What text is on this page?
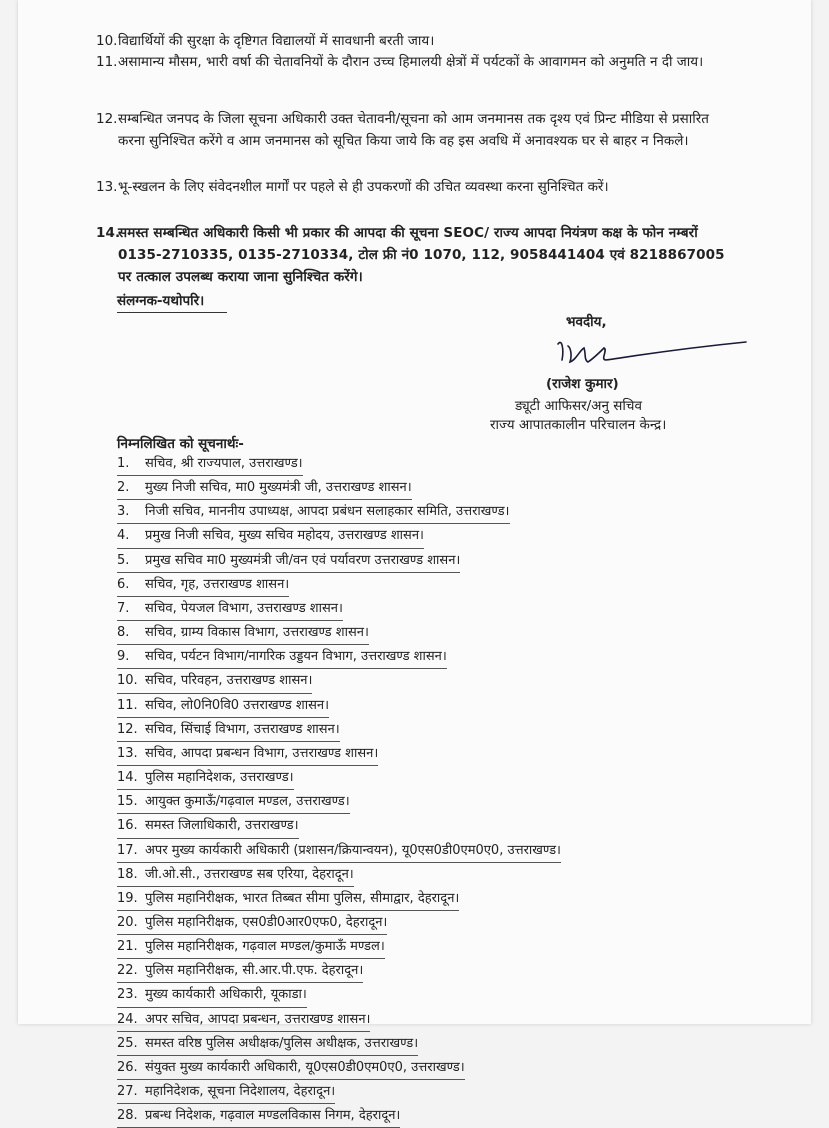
10.विद्यार्थियों की सुरक्षा के दृष्टिगत विद्यालयों में सावधानी बरती जाय।

11.असामान्य मौसम, भारी वर्षा की चेतावनियों के दौरान उच्च हिमालयी क्षेत्रों में पर्यटकों के आवागमन को अनुमति न दी जाय।

12.सम्बन्धित जनपद के जिला सूचना अधिकारी उक्त चेतावनी/सूचना को आम जनमानस तक दृश्य एवं प्रिन्ट मीडिया से प्रसारित करना सुनिश्चित करेंगे व आम जनमानस को सूचित किया जाये कि वह इस अवधि में अनावश्यक घर से बाहर न निकले।

13.भू-स्खलन के लिए संवेदनशील मार्गों पर पहले से ही उपकरणों की उचित व्यवस्था करना सुनिश्चित करें।

14.समस्त सम्बन्धित अधिकारी किसी भी प्रकार की आपदा की सूचना SEOC/ राज्य आपदा नियंत्रण कक्ष के फोन नम्बरों 0135-2710335, 0135-2710334, टोल फ्री नं0 1070, 112, 9058441404 एवं 8218867005 पर तत्काल उपलब्ध कराया जाना सुनिश्चित करेंगे।

संलग्नक-यथोपरि।
भवदीय,
(राजेश कुमार)
ड्यूटी आफिसर/अनु सचिव
राज्य आपातकालीन परिचालन केन्द्र।
निम्नलिखित को सूचनार्थः-
1. सचिव, श्री राज्यपाल, उत्तराखण्ड।
2. मुख्य निजी सचिव, मा0 मुख्यमंत्री जी, उत्तराखण्ड शासन।
3. निजी सचिव, माननीय उपाध्यक्ष, आपदा प्रबंधन सलाहकार समिति, उत्तराखण्ड।
4. प्रमुख निजी सचिव, मुख्य सचिव महोदय, उत्तराखण्ड शासन।
5. प्रमुख सचिव मा0 मुख्यमंत्री जी/वन एवं पर्यावरण उत्तराखण्ड शासन।
6. सचिव, गृह, उत्तराखण्ड शासन।
7. सचिव, पेयजल विभाग, उत्तराखण्ड शासन।
8. सचिव, ग्राम्य विकास विभाग, उत्तराखण्ड शासन।
9. सचिव, पर्यटन विभाग/नागरिक उड्डयन विभाग, उत्तराखण्ड शासन।
10. सचिव, परिवहन, उत्तराखण्ड शासन।
11. सचिव, लो0नि0वि0 उत्तराखण्ड शासन।
12. सचिव, सिंचाई विभाग, उत्तराखण्ड शासन।
13. सचिव, आपदा प्रबन्धन विभाग, उत्तराखण्ड शासन।
14. पुलिस महानिदेशक, उत्तराखण्ड।
15. आयुक्त कुमाऊँ/गढ़वाल मण्डल, उत्तराखण्ड।
16. समस्त जिलाधिकारी, उत्तराखण्ड।
17. अपर मुख्य कार्यकारी अधिकारी (प्रशासन/क्रियान्वयन), यू0एस0डी0एम0ए0, उत्तराखण्ड।
18. जी.ओ.सी., उत्तराखण्ड सब एरिया, देहरादून।
19. पुलिस महानिरीक्षक, भारत तिब्बत सीमा पुलिस, सीमाद्वार, देहरादून।
20. पुलिस महानिरीक्षक, एस0डी0आर0एफ0, देहरादून।
21. पुलिस महानिरीक्षक, गढ़वाल मण्डल/कुमाऊँ मण्डल।
22. पुलिस महानिरीक्षक, सी.आर.पी.एफ. देहरादून।
23. मुख्य कार्यकारी अधिकारी, यूकाडा।
24. अपर सचिव, आपदा प्रबन्धन, उत्तराखण्ड शासन।
25. समस्त वरिष्ठ पुलिस अधीक्षक/पुलिस अधीक्षक, उत्तराखण्ड।
26. संयुक्त मुख्य कार्यकारी अधिकारी, यू0एस0डी0एम0ए0, उत्तराखण्ड।
27. महानिदेशक, सूचना निदेशालय, देहरादून।
28. प्रबन्ध निदेशक, गढ़वाल मण्डलविकास निगम, देहरादून।
